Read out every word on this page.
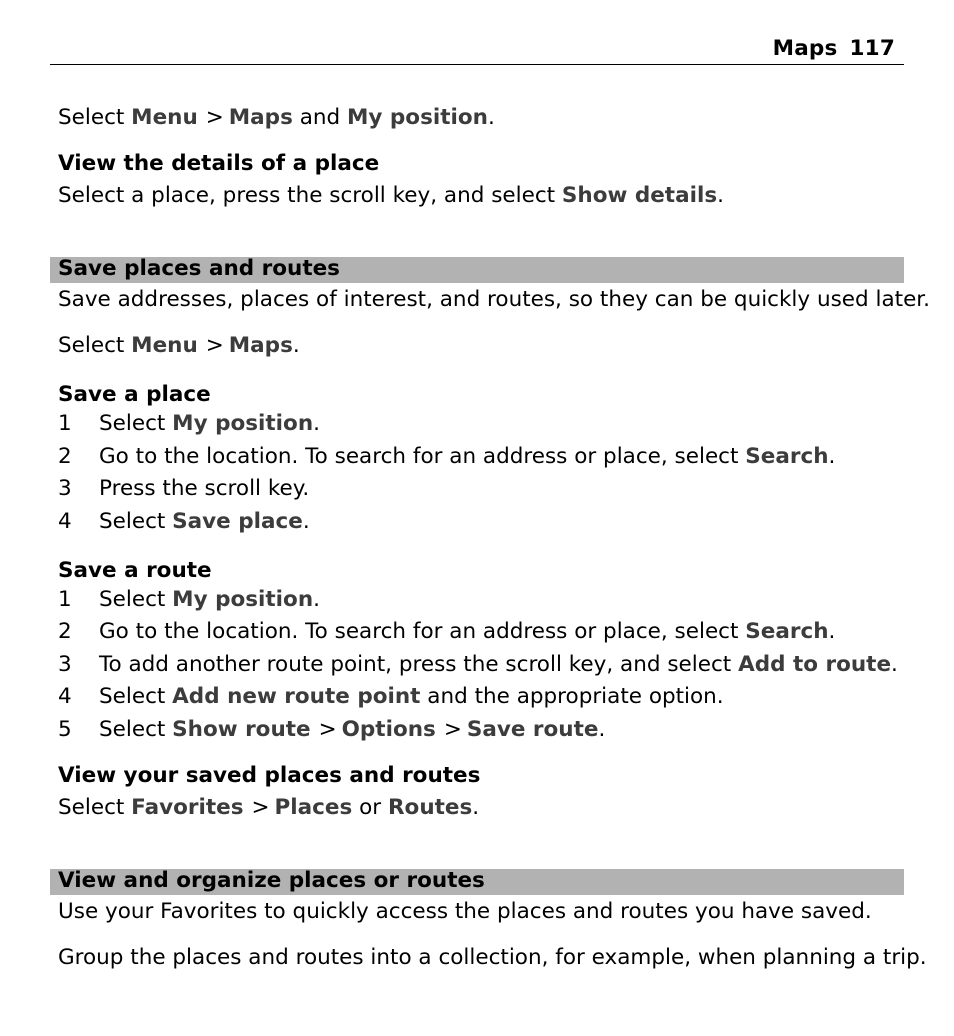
Maps 117
Select Menu > Maps and My position.
View the details of a place
Select a place, press the scroll key, and select Show details.
Save places and routes
Save addresses, places of interest, and routes, so they can be quickly used later.
Select Menu > Maps.
Save a place
1 Select My position.
2 Go to the location. To search for an address or place, select Search.
3 Press the scroll key.
4 Select Save place.
Save a route
1 Select My position.
2 Go to the location. To search for an address or place, select Search.
3 To add another route point, press the scroll key, and select Add to route.
4 Select Add new route point and the appropriate option.
5 Select Show route > Options > Save route.
View your saved places and routes
Select Favorites > Places or Routes.
View and organize places or routes
Use your Favorites to quickly access the places and routes you have saved.
Group the places and routes into a collection, for example, when planning a trip.
